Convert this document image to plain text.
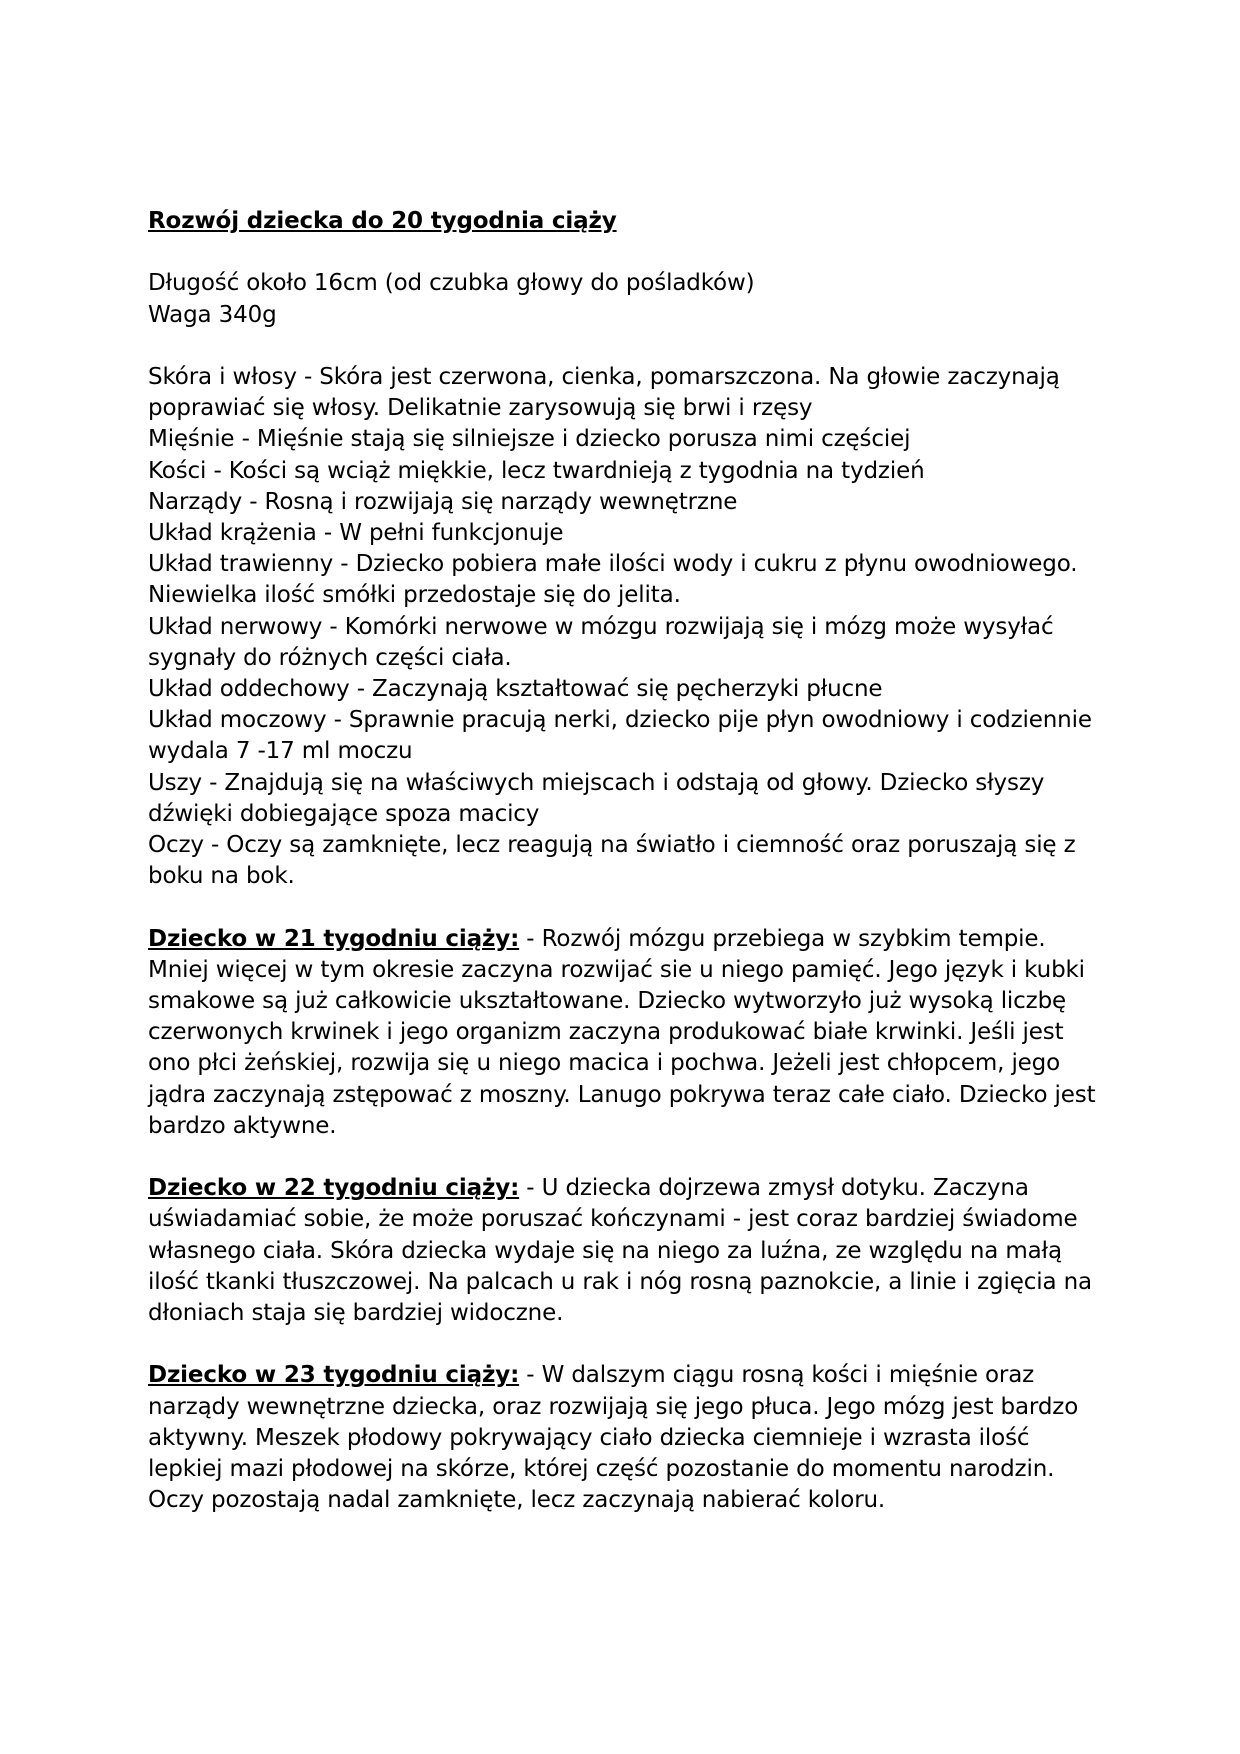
Rozwój dziecka do 20 tygodnia ciąży

Długość około 16cm (od czubka głowy do pośladków)

Waga 340g

Skóra i włosy - Skóra jest czerwona, cienka, pomarszczona. Na głowie zaczynają poprawiać się włosy. Delikatnie zarysowują się brwi i rzęsy

Mięśnie - Mięśnie stają się silniejsze i dziecko porusza nimi częściej

Kości - Kości są wciąż miękkie, lecz twardnieją z tygodnia na tydzień

Narządy - Rosną i rozwijają się narządy wewnętrzne

Układ krążenia - W pełni funkcjonuje

Układ trawienny - Dziecko pobiera małe ilości wody i cukru z płynu owodniowego. Niewielka ilość smółki przedostaje się do jelita.

Układ nerwowy - Komórki nerwowe w mózgu rozwijają się i mózg może wysyłać sygnały do różnych części ciała.

Układ oddechowy - Zaczynają kształtować się pęcherzyki płucne

Układ moczowy - Sprawnie pracują nerki, dziecko pije płyn owodniowy i codziennie wydala 7 -17 ml moczu

Uszy - Znajdują się na właściwych miejscach i odstają od głowy. Dziecko słyszy dźwięki dobiegające spoza macicy

Oczy - Oczy są zamknięte, lecz reagują na światło i ciemność oraz poruszają się z boku na bok.

Dziecko w 21 tygodniu ciąży: - Rozwój mózgu przebiega w szybkim tempie. Mniej więcej w tym okresie zaczyna rozwijać sie u niego pamięć. Jego język i kubki smakowe są już całkowicie ukształtowane. Dziecko wytworzyło już wysoką liczbę czerwonych krwinek i jego organizm zaczyna produkować białe krwinki. Jeśli jest ono płci żeńskiej, rozwija się u niego macica i pochwa. Jeżeli jest chłopcem, jego jądra zaczynają zstępować z moszny. Lanugo pokrywa teraz całe ciało. Dziecko jest bardzo aktywne.

Dziecko w 22 tygodniu ciąży: - U dziecka dojrzewa zmysł dotyku. Zaczyna uświadamiać sobie, że może poruszać kończynami - jest coraz bardziej świadome własnego ciała. Skóra dziecka wydaje się na niego za luźna, ze względu na małą ilość tkanki tłuszczowej. Na palcach u rak i nóg rosną paznokcie, a linie i zgięcia na dłoniach staja się bardziej widoczne.

Dziecko w 23 tygodniu ciąży: - W dalszym ciągu rosną kości i mięśnie oraz narządy wewnętrzne dziecka, oraz rozwijają się jego płuca. Jego mózg jest bardzo aktywny. Meszek płodowy pokrywający ciało dziecka ciemnieje i wzrasta ilość lepkiej mazi płodowej na skórze, której część pozostanie do momentu narodzin. Oczy pozostają nadal zamknięte, lecz zaczynają nabierać koloru.
